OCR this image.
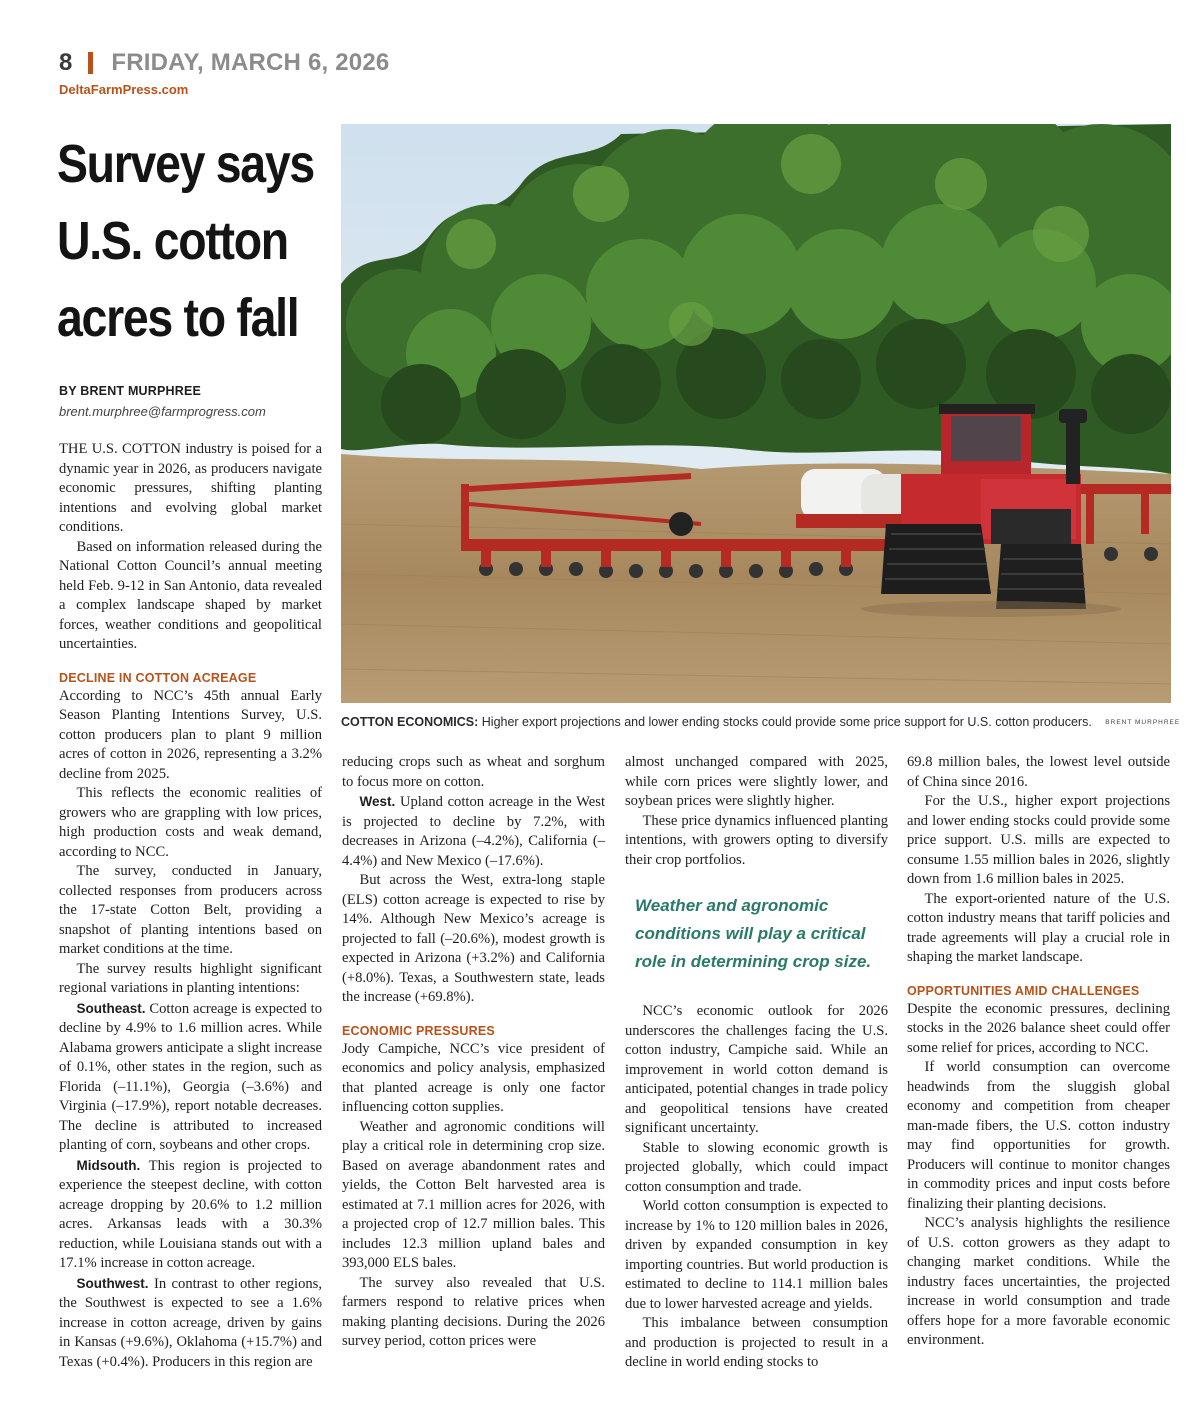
8 FRIDAY, MARCH 6, 2026
DeltaFarmPress.com
Survey says
U.S. cotton
acres to fall
BY BRENT MURPHREE
brent.murphree@farmprogress.com
COTTON ECONOMICS: Higher export projections and lower ending stocks could provide some price support for U.S. cotton producers. BRENT MURPHREE

THE U.S. COTTON industry is poised for a dynamic year in 2026, as producers navigate economic pressures, shifting planting intentions and evolving global market conditions.

Based on information released during the National Cotton Council’s annual meeting held Feb. 9-12 in San Antonio, data revealed a complex landscape shaped by market forces, weather conditions and geopolitical uncertainties.

DECLINE IN COTTON ACREAGE

According to NCC’s 45th annual Early Season Planting Intentions Survey, U.S. cotton producers plan to plant 9 million acres of cotton in 2026, representing a 3.2% decline from 2025.

This reflects the economic realities of growers who are grappling with low prices, high production costs and weak demand, according to NCC.

The survey, conducted in January, collected responses from producers across the 17-state Cotton Belt, providing a snapshot of planting intentions based on market conditions at the time.

The survey results highlight significant regional variations in planting intentions:

Southeast. Cotton acreage is expected to decline by 4.9% to 1.6 million acres. While Alabama growers anticipate a slight increase of 0.1%, other states in the region, such as Florida (–11.1%), Georgia (–3.6%) and Virginia (–17.9%), report notable decreases. The decline is attributed to increased planting of corn, soybeans and other crops.

Midsouth. This region is projected to experience the steepest decline, with cotton acreage dropping by 20.6% to 1.2 million acres. Arkansas leads with a 30.3% reduction, while Louisiana stands out with a 17.1% increase in cotton acreage.

Southwest. In contrast to other regions, the Southwest is expected to see a 1.6% increase in cotton acreage, driven by gains in Kansas (+9.6%), Oklahoma (+15.7%) and Texas (+0.4%). Producers in this region are

reducing crops such as wheat and sorghum to focus more on cotton.

West. Upland cotton acreage in the West is projected to decline by 7.2%, with decreases in Arizona (–4.2%), California (–4.4%) and New Mexico (–17.6%).

But across the West, extra-long staple (ELS) cotton acreage is expected to rise by 14%. Although New Mexico’s acreage is projected to fall (–20.6%), modest growth is expected in Arizona (+3.2%) and California (+8.0%). Texas, a Southwestern state, leads the increase (+69.8%).

ECONOMIC PRESSURES

Jody Campiche, NCC’s vice president of economics and policy analysis, emphasized that planted acreage is only one factor influencing cotton supplies.

Weather and agronomic conditions will play a critical role in determining crop size. Based on average abandonment rates and yields, the Cotton Belt harvested area is estimated at 7.1 million acres for 2026, with a projected crop of 12.7 million bales. This includes 12.3 million upland bales and 393,000 ELS bales.

The survey also revealed that U.S. farmers respond to relative prices when making planting decisions. During the 2026 survey period, cotton prices were

almost unchanged compared with 2025, while corn prices were slightly lower, and soybean prices were slightly higher.

These price dynamics influenced planting intentions, with growers opting to diversify their crop portfolios.

Weather and agronomic conditions will play a critical role in determining crop size.

NCC’s economic outlook for 2026 underscores the challenges facing the U.S. cotton industry, Campiche said. While an improvement in world cotton demand is anticipated, potential changes in trade policy and geopolitical tensions have created significant uncertainty.

Stable to slowing economic growth is projected globally, which could impact cotton consumption and trade.

World cotton consumption is expected to increase by 1% to 120 million bales in 2026, driven by expanded consumption in key importing countries. But world production is estimated to decline to 114.1 million bales due to lower harvested acreage and yields.

This imbalance between consumption and production is projected to result in a decline in world ending stocks to

69.8 million bales, the lowest level outside of China since 2016.

For the U.S., higher export projections and lower ending stocks could provide some price support. U.S. mills are expected to consume 1.55 million bales in 2026, slightly down from 1.6 million bales in 2025.

The export-oriented nature of the U.S. cotton industry means that tariff policies and trade agreements will play a crucial role in shaping the market landscape.

OPPORTUNITIES AMID CHALLENGES

Despite the economic pressures, declining stocks in the 2026 balance sheet could offer some relief for prices, according to NCC.

If world consumption can overcome headwinds from the sluggish global economy and competition from cheaper man-made fibers, the U.S. cotton industry may find opportunities for growth. Producers will continue to monitor changes in commodity prices and input costs before finalizing their planting decisions.

NCC’s analysis highlights the resilience of U.S. cotton growers as they adapt to changing market conditions. While the industry faces uncertainties, the projected increase in world consumption and trade offers hope for a more favorable economic environment.
